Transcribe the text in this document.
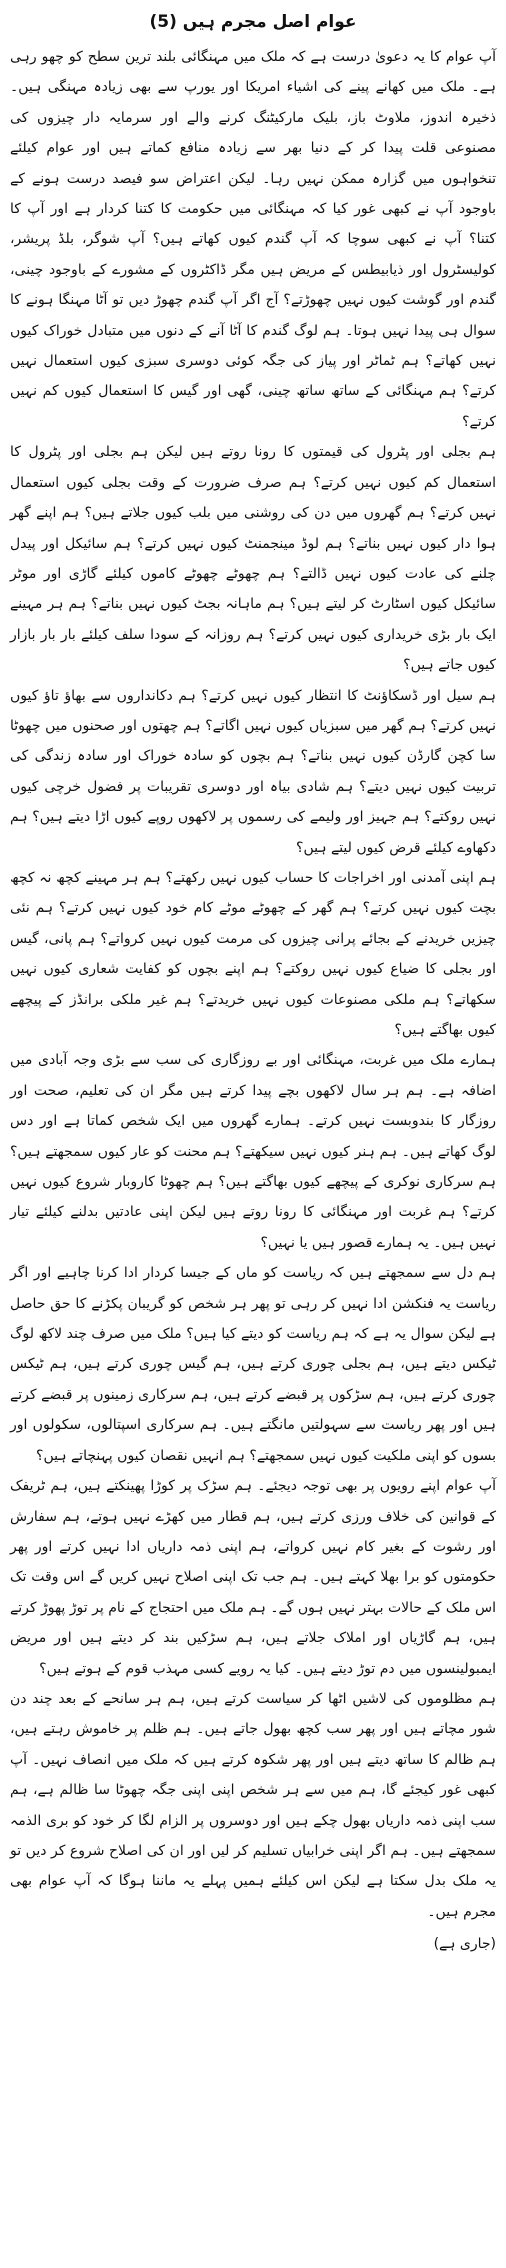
عوام اصل مجرم ہیں (5)

آپ عوام کا یہ دعویٰ درست ہے کہ ملک میں مہنگائی بلند ترین سطح کو چھو رہی ہے۔ ملک میں کھانے پینے کی اشیاء امریکا اور یورپ سے بھی زیادہ مہنگی ہیں۔ ذخیرہ اندوز، ملاوٹ باز، بلیک مارکیٹنگ کرنے والے اور سرمایہ دار چیزوں کی مصنوعی قلت پیدا کر کے دنیا بھر سے زیادہ منافع کماتے ہیں اور عوام کیلئے تنخواہوں میں گزارہ ممکن نہیں رہا۔ لیکن اعتراض سو فیصد درست ہونے کے باوجود آپ نے کبھی غور کیا کہ مہنگائی میں حکومت کا کتنا کردار ہے اور آپ کا کتنا؟ آپ نے کبھی سوچا کہ آپ گندم کیوں کھاتے ہیں؟ آپ شوگر، بلڈ پریشر، کولیسٹرول اور ذیابیطس کے مریض ہیں مگر ڈاکٹروں کے مشورے کے باوجود چینی، گندم اور گوشت کیوں نہیں چھوڑتے؟ آج اگر آپ گندم چھوڑ دیں تو آٹا مہنگا ہونے کا سوال ہی پیدا نہیں ہوتا۔ ہم لوگ گندم کا آٹا آنے کے دنوں میں متبادل خوراک کیوں نہیں کھاتے؟ ہم ٹماٹر اور پیاز کی جگہ کوئی دوسری سبزی کیوں استعمال نہیں کرتے؟ ہم مہنگائی کے ساتھ ساتھ چینی، گھی اور گیس کا استعمال کیوں کم نہیں کرتے؟

ہم بجلی اور پٹرول کی قیمتوں کا رونا روتے ہیں لیکن ہم بجلی اور پٹرول کا استعمال کم کیوں نہیں کرتے؟ ہم صرف ضرورت کے وقت بجلی کیوں استعمال نہیں کرتے؟ ہم گھروں میں دن کی روشنی میں بلب کیوں جلاتے ہیں؟ ہم اپنے گھر ہوا دار کیوں نہیں بناتے؟ ہم لوڈ مینجمنٹ کیوں نہیں کرتے؟ ہم سائیکل اور پیدل چلنے کی عادت کیوں نہیں ڈالتے؟ ہم چھوٹے چھوٹے کاموں کیلئے گاڑی اور موٹر سائیکل کیوں اسٹارٹ کر لیتے ہیں؟ ہم ماہانہ بجٹ کیوں نہیں بناتے؟ ہم ہر مہینے ایک بار بڑی خریداری کیوں نہیں کرتے؟ ہم روزانہ کے سودا سلف کیلئے بار بار بازار کیوں جاتے ہیں؟

ہم سیل اور ڈسکاؤنٹ کا انتظار کیوں نہیں کرتے؟ ہم دکانداروں سے بھاؤ تاؤ کیوں نہیں کرتے؟ ہم گھر میں سبزیاں کیوں نہیں اگاتے؟ ہم چھتوں اور صحنوں میں چھوٹا سا کچن گارڈن کیوں نہیں بناتے؟ ہم بچوں کو سادہ خوراک اور سادہ زندگی کی تربیت کیوں نہیں دیتے؟ ہم شادی بیاہ اور دوسری تقریبات پر فضول خرچی کیوں نہیں روکتے؟ ہم جہیز اور ولیمے کی رسموں پر لاکھوں روپے کیوں اڑا دیتے ہیں؟ ہم دکھاوے کیلئے قرض کیوں لیتے ہیں؟

ہم اپنی آمدنی اور اخراجات کا حساب کیوں نہیں رکھتے؟ ہم ہر مہینے کچھ نہ کچھ بچت کیوں نہیں کرتے؟ ہم گھر کے چھوٹے موٹے کام خود کیوں نہیں کرتے؟ ہم نئی چیزیں خریدنے کے بجائے پرانی چیزوں کی مرمت کیوں نہیں کرواتے؟ ہم پانی، گیس اور بجلی کا ضیاع کیوں نہیں روکتے؟ ہم اپنے بچوں کو کفایت شعاری کیوں نہیں سکھاتے؟ ہم ملکی مصنوعات کیوں نہیں خریدتے؟ ہم غیر ملکی برانڈز کے پیچھے کیوں بھاگتے ہیں؟

ہمارے ملک میں غربت، مہنگائی اور بے روزگاری کی سب سے بڑی وجہ آبادی میں اضافہ ہے۔ ہم ہر سال لاکھوں بچے پیدا کرتے ہیں مگر ان کی تعلیم، صحت اور روزگار کا بندوبست نہیں کرتے۔ ہمارے گھروں میں ایک شخص کماتا ہے اور دس لوگ کھاتے ہیں۔ ہم ہنر کیوں نہیں سیکھتے؟ ہم محنت کو عار کیوں سمجھتے ہیں؟ ہم سرکاری نوکری کے پیچھے کیوں بھاگتے ہیں؟ ہم چھوٹا کاروبار شروع کیوں نہیں کرتے؟ ہم غربت اور مہنگائی کا رونا روتے ہیں لیکن اپنی عادتیں بدلنے کیلئے تیار نہیں ہیں۔ یہ ہمارے قصور ہیں یا نہیں؟

ہم دل سے سمجھتے ہیں کہ ریاست کو ماں کے جیسا کردار ادا کرنا چاہیے اور اگر ریاست یہ فنکشن ادا نہیں کر رہی تو پھر ہر شخص کو گریبان پکڑنے کا حق حاصل ہے لیکن سوال یہ ہے کہ ہم ریاست کو دیتے کیا ہیں؟ ملک میں صرف چند لاکھ لوگ ٹیکس دیتے ہیں، ہم بجلی چوری کرتے ہیں، ہم گیس چوری کرتے ہیں، ہم ٹیکس چوری کرتے ہیں، ہم سڑکوں پر قبضے کرتے ہیں، ہم سرکاری زمینوں پر قبضے کرتے ہیں اور پھر ریاست سے سہولتیں مانگتے ہیں۔ ہم سرکاری اسپتالوں، سکولوں اور بسوں کو اپنی ملکیت کیوں نہیں سمجھتے؟ ہم انہیں نقصان کیوں پہنچاتے ہیں؟

آپ عوام اپنے رویوں پر بھی توجہ دیجئے۔ ہم سڑک پر کوڑا پھینکتے ہیں، ہم ٹریفک کے قوانین کی خلاف ورزی کرتے ہیں، ہم قطار میں کھڑے نہیں ہوتے، ہم سفارش اور رشوت کے بغیر کام نہیں کرواتے، ہم اپنی ذمہ داریاں ادا نہیں کرتے اور پھر حکومتوں کو برا بھلا کہتے ہیں۔ ہم جب تک اپنی اصلاح نہیں کریں گے اس وقت تک اس ملک کے حالات بہتر نہیں ہوں گے۔ ہم ملک میں احتجاج کے نام پر توڑ پھوڑ کرتے ہیں، ہم گاڑیاں اور املاک جلاتے ہیں، ہم سڑکیں بند کر دیتے ہیں اور مریض ایمبولینسوں میں دم توڑ دیتے ہیں۔ کیا یہ رویے کسی مہذب قوم کے ہوتے ہیں؟

ہم مظلوموں کی لاشیں اٹھا کر سیاست کرتے ہیں، ہم ہر سانحے کے بعد چند دن شور مچاتے ہیں اور پھر سب کچھ بھول جاتے ہیں۔ ہم ظلم پر خاموش رہتے ہیں، ہم ظالم کا ساتھ دیتے ہیں اور پھر شکوہ کرتے ہیں کہ ملک میں انصاف نہیں۔ آپ کبھی غور کیجئے گا، ہم میں سے ہر شخص اپنی اپنی جگہ چھوٹا سا ظالم ہے، ہم سب اپنی ذمہ داریاں بھول چکے ہیں اور دوسروں پر الزام لگا کر خود کو بری الذمہ سمجھتے ہیں۔ ہم اگر اپنی خرابیاں تسلیم کر لیں اور ان کی اصلاح شروع کر دیں تو یہ ملک بدل سکتا ہے لیکن اس کیلئے ہمیں پہلے یہ ماننا ہوگا کہ آپ عوام بھی مجرم ہیں۔

(جاری ہے)
